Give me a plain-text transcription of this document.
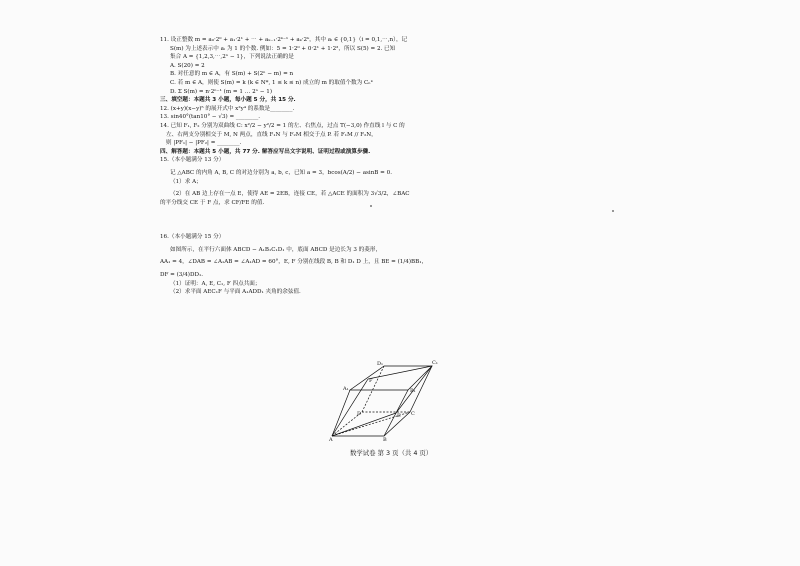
11. 设正整数 m = a₀·2⁰ + a₁·2¹ + ⋯ + aₖ₋₁·2ᵏ⁻¹ + aₖ·2ᵏ，其中 aᵢ ∈ {0,1}（i = 0,1,⋯,n），记
S(m) 为上述表示中 aᵢ 为 1 的个数. 例如：5 = 1·2⁰ + 0·2¹ + 1·2²，所以 S(5) = 2. 已知
集合 A = {1,2,3,⋯,2ⁿ − 1}，下列说法正确的是
A. S(20) = 2
B. 对任意的 m ∈ A，有 S(m) + S(2ⁿ − m) = n
C. 若 m ∈ A，则使 S(m) = k (k ∈ N*, 1 ≤ k ≤ n) 成立的 m 的取值个数为 Cₙᵏ
D. Σ S(m) = n·2ⁿ⁻¹ (m = 1 … 2ⁿ − 1)
三、填空题：本题共 3 小题，每小题 5 分，共 15 分.
12. (x+y)(x−y)⁵ 的展开式中 x²y⁴ 的系数是________.
13. sin40°(tan10° − √3) = ________.
14. 已知 F₁, F₂ 分别为双曲线 C: x²/2 − y²/2 = 1 的左、右焦点，过点 T(−3,0) 作直线 l 与 C 的
左、右两支分别相交于 M, N 两点，直线 F₁N 与 F₂M 相交于点 P. 若 F₁M // F₂N，
则 |PF₁| − |PF₂| = ________.
四、解答题：本题共 5 小题，共 77 分. 解答应写出文字说明、证明过程或演算步骤.
15.（本小题满分 13 分）
记 △ABC 的内角 A, B, C 的对边分别为 a, b, c，已知 a = 3，bcos(A/2) − asinB = 0.
（1）求 A；
（2）在 AB 边上存在一点 E，使得 AE = 2EB，连接 CE，若 △ACE 的面积为 3√3/2，∠BAC
的平分线交 CE 于 F 点，求 CF/FE 的值.
16.（本小题满分 15 分）
如图所示，在平行六面体 ABCD − A₁B₁C₁D₁ 中，底面 ABCD 是边长为 3 的菱形，
AA₁ = 4，∠DAB = ∠A₁AB = ∠A₁AD = 60°，E, F 分别在线段 B, B 和 D₁ D 上，且 BE = (1/4)BB₁，
DF = (3/4)DD₁.
（1）证明：A, E, C₁, F 四点共面；
（2）求平面 AEC₁F 与平面 A₁ADD₁ 夹角的余弦值.
D₁	C₁
A₁	B₁
F
D	C
E
A	B
数学试卷 第 3 页（共 4 页）
